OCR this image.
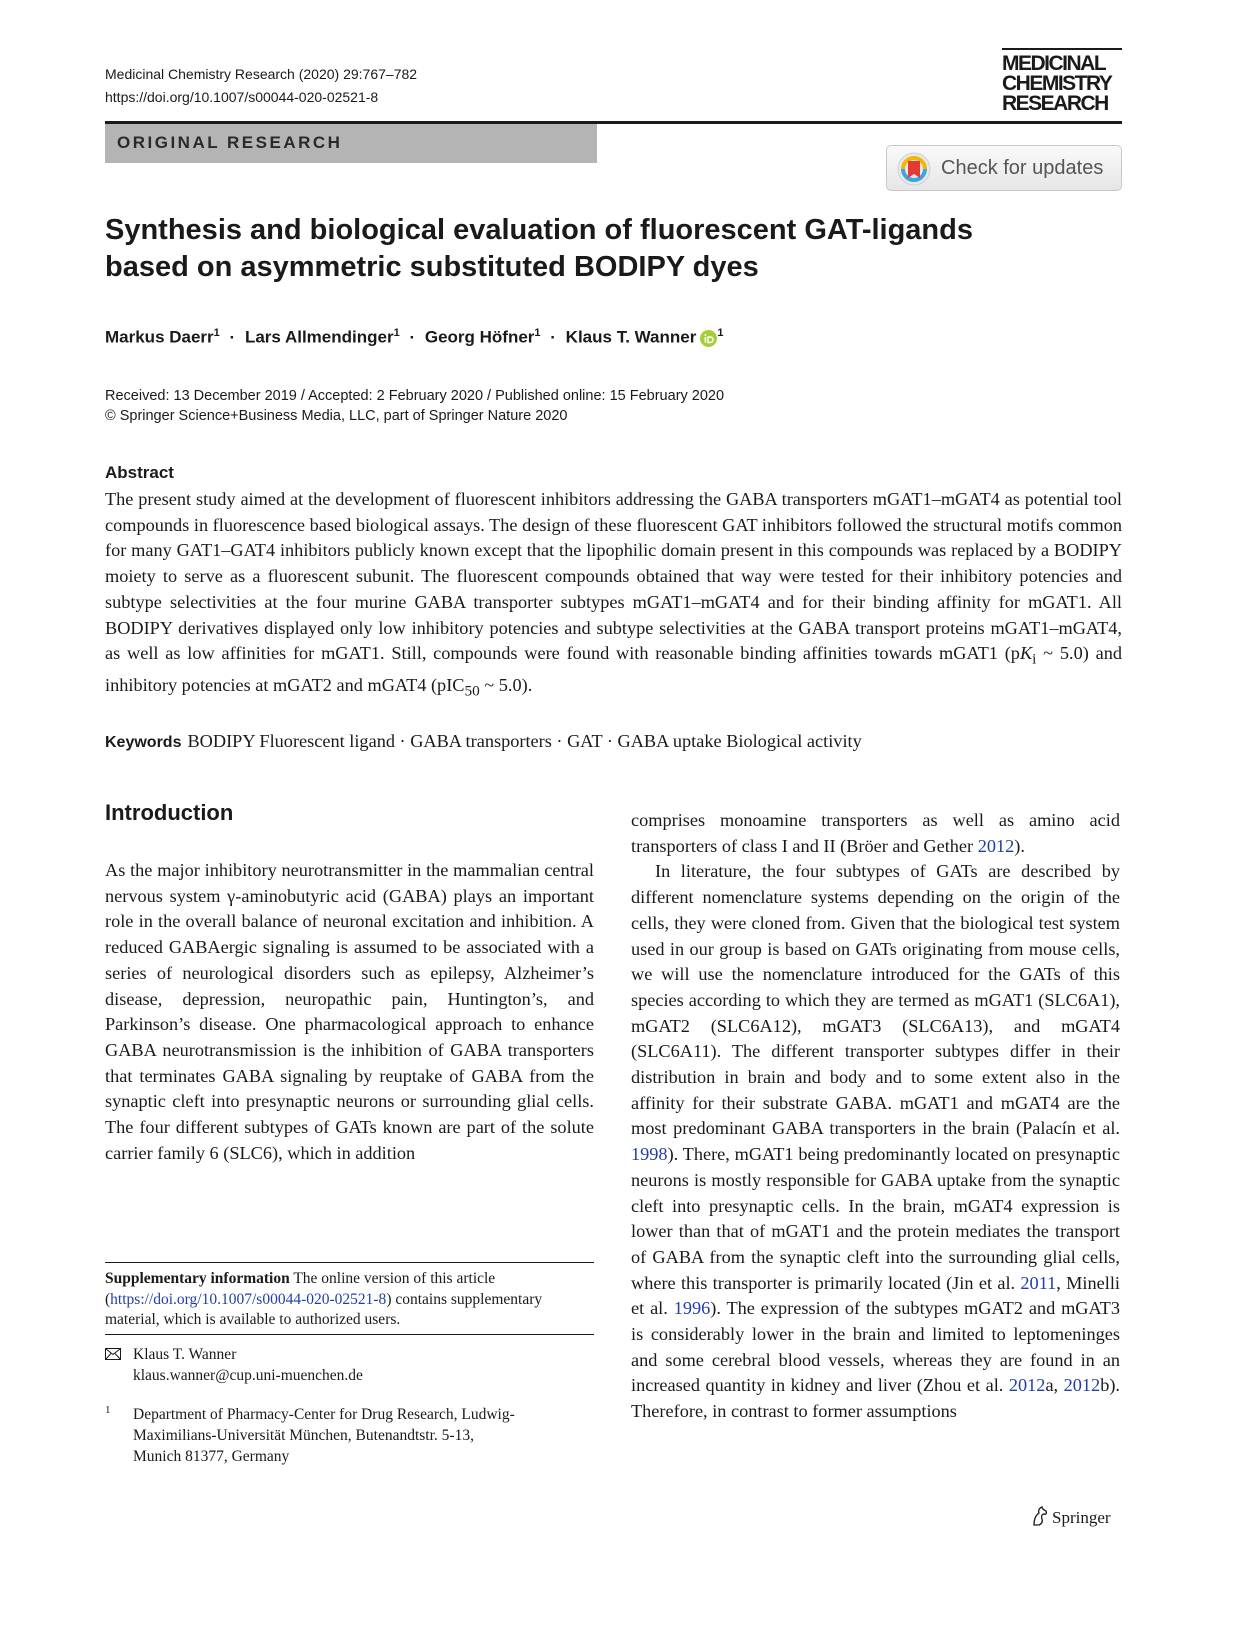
Medicinal Chemistry Research (2020) 29:767–782
https://doi.org/10.1007/s00044-020-02521-8
MEDICINAL
CHEMISTRY
RESEARCH
ORIGINAL RESEARCH
Check for updates
Synthesis and biological evaluation of fluorescent GAT-ligands
based on asymmetric substituted BODIPY dyes
Markus Daerr$^1$ · Lars Allmendinger$^1$ · Georg Höfner$^1$ · Klaus T. Wanner $^1$
Received: 13 December 2019 / Accepted: 2 February 2020 / Published online: 15 February 2020
© Springer Science+Business Media, LLC, part of Springer Nature 2020
Abstract

The present study aimed at the development of fluorescent inhibitors addressing the GABA transporters mGAT1–mGAT4 as potential tool compounds in fluorescence based biological assays. The design of these fluorescent GAT inhibitors followed the structural motifs common for many GAT1–GAT4 inhibitors publicly known except that the lipophilic domain present in this compounds was replaced by a BODIPY moiety to serve as a fluorescent subunit. The fluorescent compounds obtained that way were tested for their inhibitory potencies and subtype selectivities at the four murine GABA transporter subtypes mGAT1–mGAT4 and for their binding affinity for mGAT1. All BODIPY derivatives displayed only low inhibitory potencies and subtype selectivities at the GABA transport proteins mGAT1–mGAT4, as well as low affinities for mGAT1. Still, compounds were found with reasonable binding affinities towards mGAT1 ($pK_i$ ~ 5.0) and inhibitory potencies at mGAT2 and mGAT4 (pIC$_{50}$ ~ 5.0).

Keywords BODIPY Fluorescent ligand · GABA transporters · GAT · GABA uptake Biological activity
Introduction

As the major inhibitory neurotransmitter in the mammalian central nervous system γ-aminobutyric acid (GABA) plays an important role in the overall balance of neuronal excitation and inhibition. A reduced GABAergic signaling is assumed to be associated with a series of neurological disorders such as epilepsy, Alzheimer’s disease, depression, neuropathic pain, Huntington’s, and Parkinson’s disease. One pharmacological approach to enhance GABA neurotransmission is the inhibition of GABA transporters that terminates GABA signaling by reuptake of GABA from the synaptic cleft into presynaptic neurons or surrounding glial cells. The four different subtypes of GATs known are part of the solute carrier family 6 (SLC6), which in addition

comprises monoamine transporters as well as amino acid transporters of class I and II (Bröer and Gether 2012).

In literature, the four subtypes of GATs are described by different nomenclature systems depending on the origin of the cells, they were cloned from. Given that the biological test system used in our group is based on GATs originating from mouse cells, we will use the nomenclature introduced for the GATs of this species according to which they are termed as mGAT1 (SLC6A1), mGAT2 (SLC6A12), mGAT3 (SLC6A13), and mGAT4 (SLC6A11). The different transporter subtypes differ in their distribution in brain and body and to some extent also in the affinity for their substrate GABA. mGAT1 and mGAT4 are the most predominant GABA transporters in the brain (Palacín et al. 1998). There, mGAT1 being predominantly located on presynaptic neurons is mostly responsible for GABA uptake from the synaptic cleft into presynaptic cells. In the brain, mGAT4 expression is lower than that of mGAT1 and the protein mediates the transport of GABA from the synaptic cleft into the surrounding glial cells, where this transporter is primarily located (Jin et al. 2011, Minelli et al. 1996). The expression of the subtypes mGAT2 and mGAT3 is considerably lower in the brain and limited to leptomeninges and some cerebral blood vessels, whereas they are found in an increased quantity in kidney and liver (Zhou et al. 2012a, 2012b). Therefore, in contrast to former assumptions

Supplementary information The online version of this article (https://doi.org/10.1007/s00044-020-02521-8) contains supplementary material, which is available to authorized users.

Klaus T. Wanner
klaus.wanner@cup.uni-muenchen.de
1 Department of Pharmacy-Center for Drug Research, Ludwig-
Maximilians-Universität München, Butenandtstr. 5-13,
Munich 81377, Germany
Springer
